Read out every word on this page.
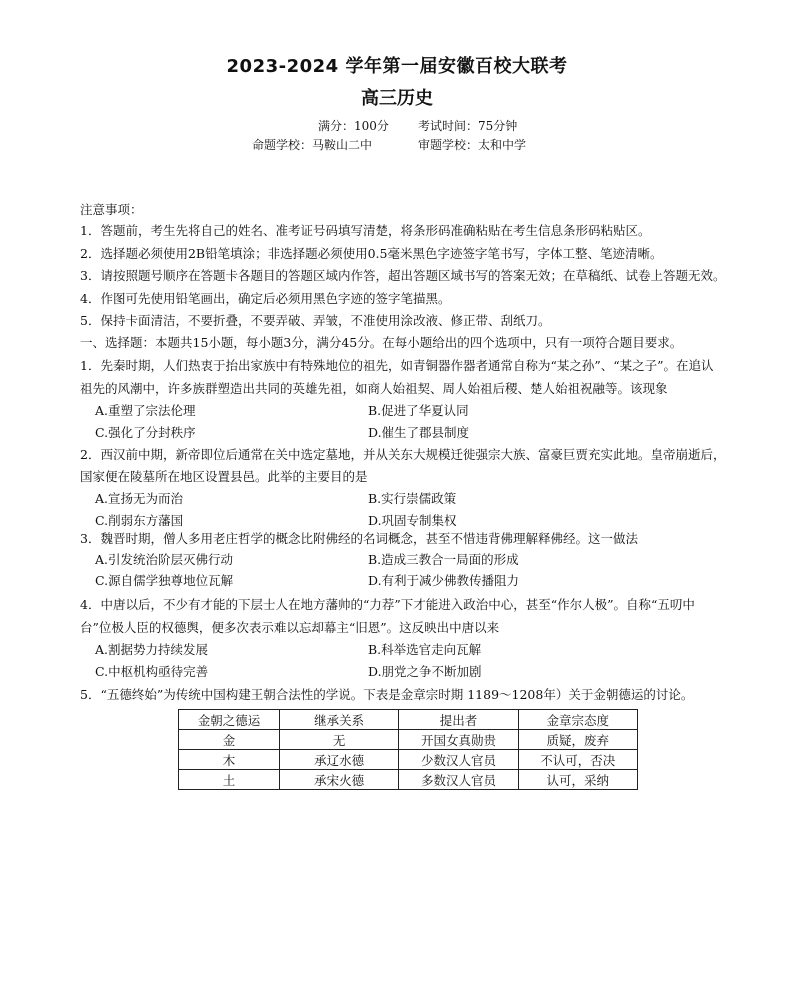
2023-2024 学年第一届安徽百校大联考
高三历史
满分：100分 考试时间：75分钟
命题学校：马鞍山二中	审题学校：太和中学
注意事项：
1．答题前，考生先将自己的姓名、准考证号码填写清楚，将条形码准确粘贴在考生信息条形码粘贴区。
2．选择题必须使用2B铅笔填涂；非选择题必须使用0.5毫米黑色字迹签字笔书写，字体工整、笔迹清晰。
3．请按照题号顺序在答题卡各题目的答题区域内作答，超出答题区域书写的答案无效；在草稿纸、试卷上答题无效。
4．作图可先使用铅笔画出，确定后必须用黑色字迹的签字笔描黑。
5．保持卡面清洁，不要折叠，不要弄破、弄皱，不准使用涂改液、修正带、刮纸刀。
一、选择题：本题共15小题，每小题3分，满分45分。在每小题给出的四个选项中，只有一项符合题目要求。
1．先秦时期，人们热衷于抬出家族中有特殊地位的祖先，如青铜器作器者通常自称为“某之孙”、“某之子”。在追认
祖先的风潮中，许多族群塑造出共同的英雄先祖，如商人始祖契、周人始祖后稷、楚人始祖祝融等。该现象
A.重塑了宗法伦理	B.促进了华夏认同
C.强化了分封秩序	D.催生了郡县制度
2．西汉前中期，新帝即位后通常在关中选定墓地，并从关东大规模迁徙强宗大族、富豪巨贾充实此地。皇帝崩逝后，
国家便在陵墓所在地区设置县邑。此举的主要目的是
A.宣扬无为而治	B.实行崇儒政策
C.削弱东方藩国	D.巩固专制集权
3．魏晋时期，僧人多用老庄哲学的概念比附佛经的名词概念，甚至不惜违背佛理解释佛经。这一做法
A.引发统治阶层灭佛行动	B.造成三教合一局面的形成
C.源自儒学独尊地位瓦解	D.有利于减少佛教传播阻力
4．中唐以后，不少有才能的下层士人在地方藩帅的“力荐”下才能进入政治中心，甚至“作尔人极”。自称“五叨中
台”位极人臣的权德舆，便多次表示难以忘却幕主“旧恩”。这反映出中唐以来
A.割据势力持续发展	B.科举选官走向瓦解
C.中枢机构亟待完善	D.朋党之争不断加剧
5．“五德终始”为传统中国构建王朝合法性的学说。下表是金章宗时期 1189～1208年）关于金朝德运的讨论。
金朝之德运	继承关系	提出者	金章宗态度
金	无	开国女真勋贵	质疑，废弃
木	承辽水德	少数汉人官员	不认可，否决
土	承宋火德	多数汉人官员	认可，采纳
